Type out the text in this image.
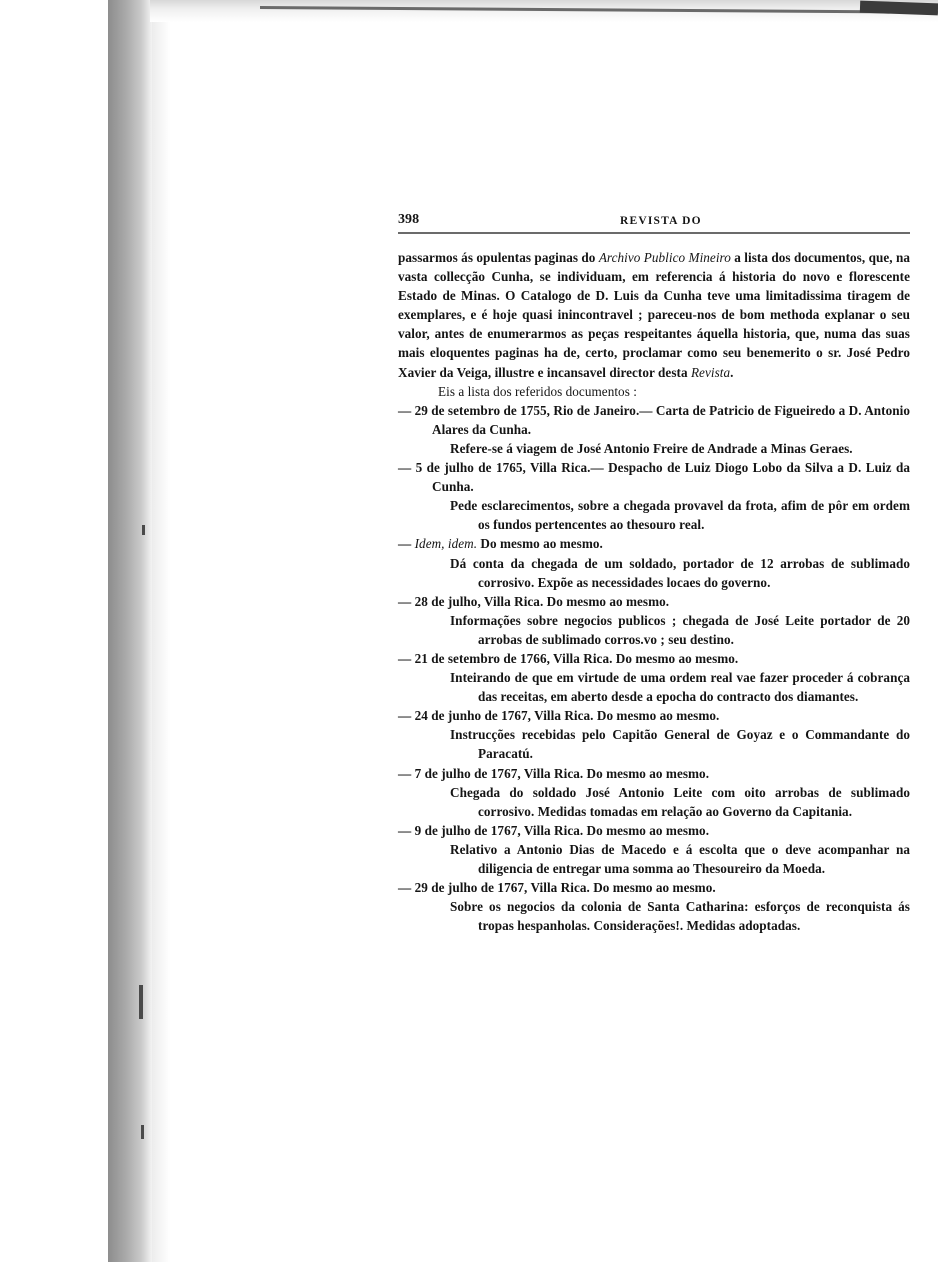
398	REVISTA DO

passarmos ás opulentas paginas do Archivo Publico Mineiro a lista dos documentos, que, na vasta collecção Cunha, se individuam, em referencia á historia do novo e florescente Estado de Minas. O Catalogo de D. Luis da Cunha teve uma limitadissima tiragem de exemplares, e é hoje quasi inincontravel ; pareceu-nos de bom methoda explanar o seu valor, antes de enumerarmos as peças respeitantes áquella historia, que, numa das suas mais eloquentes paginas ha de, certo, proclamar como seu benemerito o sr. José Pedro Xavier da Veiga, illustre e incansavel director desta Revista.

Eis a lista dos referidos documentos :

— 29 de setembro de 1755, Rio de Janeiro.— Carta de Patricio de Figueiredo a D. Antonio Alares da Cunha.

Refere-se á viagem de José Antonio Freire de Andrade a Minas Geraes.

— 5 de julho de 1765, Villa Rica.— Despacho de Luiz Diogo Lobo da Silva a D. Luiz da Cunha.

Pede esclarecimentos, sobre a chegada provavel da frota, afim de pôr em ordem os fundos pertencentes ao thesouro real.

— Idem, idem. Do mesmo ao mesmo.

Dá conta da chegada de um soldado, portador de 12 arrobas de sublimado corrosivo. Expõe as necessidades locaes do governo.

— 28 de julho, Villa Rica. Do mesmo ao mesmo.

Informações sobre negocios publicos ; chegada de José Leite portador de 20 arrobas de sublimado corros.vo ; seu destino.

— 21 de setembro de 1766, Villa Rica. Do mesmo ao mesmo.

Inteirando de que em virtude de uma ordem real vae fazer proceder á cobrança das receitas, em aberto desde a epocha do contracto dos diamantes.

— 24 de junho de 1767, Villa Rica. Do mesmo ao mesmo.

Instrucções recebidas pelo Capitão General de Goyaz e o Commandante do Paracatú.

— 7 de julho de 1767, Villa Rica. Do mesmo ao mesmo.

Chegada do soldado José Antonio Leite com oito arrobas de sublimado corrosivo. Medidas tomadas em relação ao Governo da Capitania.

— 9 de julho de 1767, Villa Rica. Do mesmo ao mesmo.

Relativo a Antonio Dias de Macedo e á escolta que o deve acompanhar na diligencia de entregar uma somma ao Thesoureiro da Moeda.

— 29 de julho de 1767, Villa Rica. Do mesmo ao mesmo.

Sobre os negocios da colonia de Santa Catharina: esforços de reconquista ás tropas hespanholas. Considerações!. Medidas adoptadas.
